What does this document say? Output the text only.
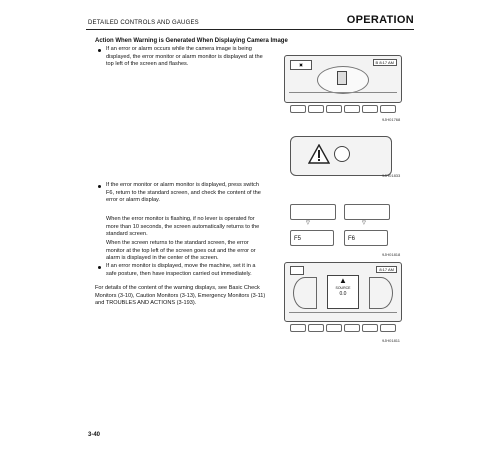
DETAILED CONTROLS AND GAUGES	OPERATION
Action When Warning is Generated When Displaying Camera Image
If an error or alarm occurs while the camera image is being displayed, the error monitor or alarm monitor is displayed at the top left of the screen and flashes.	▣	B 8:17 AM
9JH01768
9JH01833
If the error monitor or alarm monitor is displayed, press switch F6, return to the standard screen, and check the content of the error or alarm display.
When the error monitor is flashing, if no lever is operated for more than 10 seconds, the screen automatically returns to the standard screen.
When the screen returns to the standard screen, the error monitor at the top left of the screen goes out and the error or alarm is displayed in the center of the screen.
▽	▽
F5	F6
9JH01818
If an error monitor is displayed, move the machine, set it in a safe posture, then have inspection carried out immediately.
For details of the content of the warning displays, see Basic Check Monitors (3-10), Caution Monitors (3-13), Emergency Monitors (3-11) and TROUBLES AND ACTIONS (3-193).
8:17 AM
▲
SOURCE
0.0
9JH01811
3-40
